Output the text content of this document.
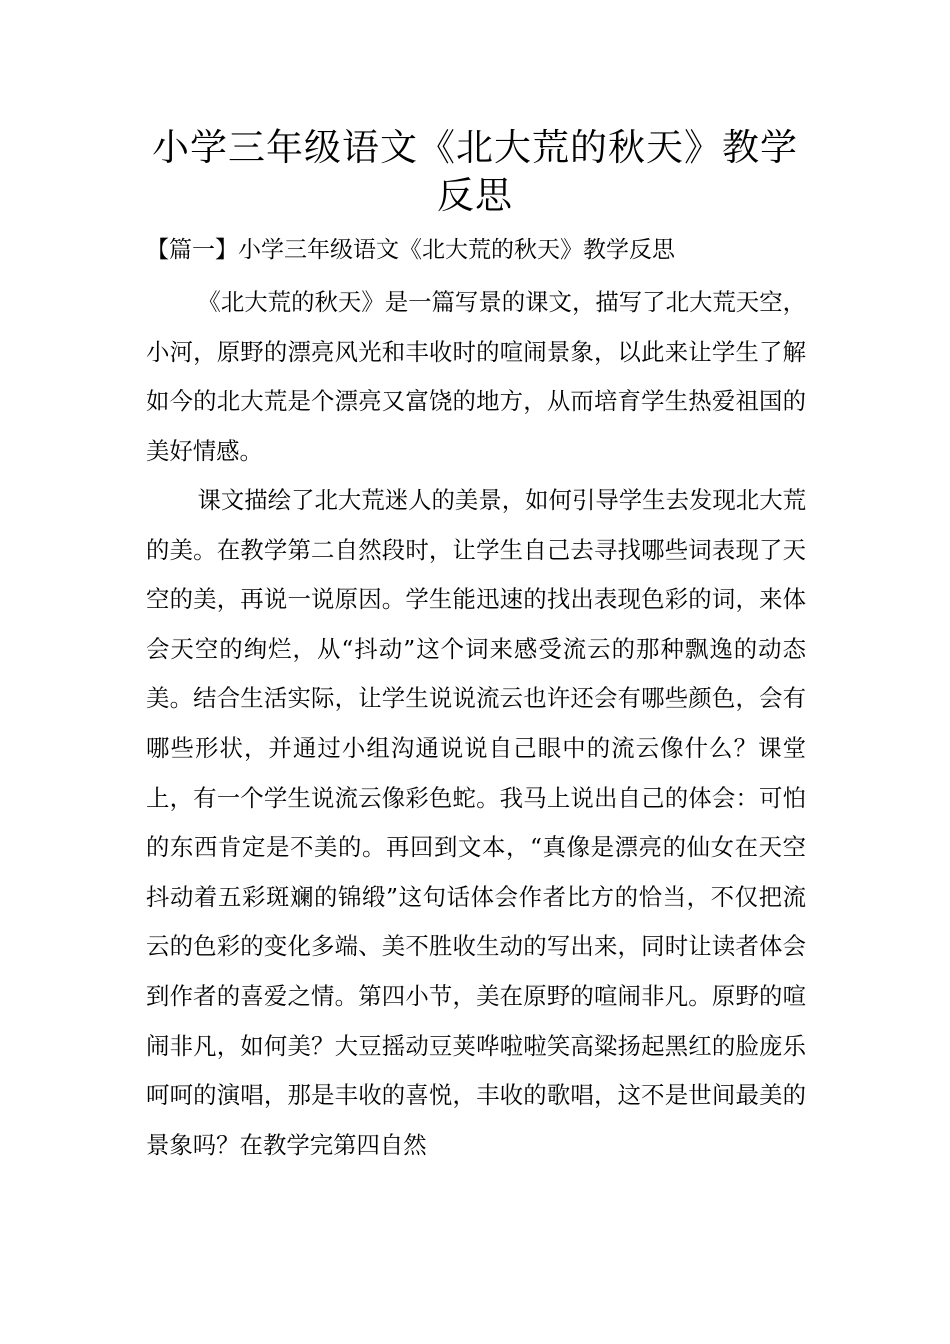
小学三年级语文《北大荒的秋天》教学反思
【篇一】小学三年级语文《北大荒的秋天》教学反思

《北大荒的秋天》是一篇写景的课文，描写了北大荒天空，小河，原野的漂亮风光和丰收时的喧闹景象，以此来让学生了解如今的北大荒是个漂亮又富饶的地方，从而培育学生热爱祖国的美好情感。

课文描绘了北大荒迷人的美景，如何引导学生去发现北大荒的美。在教学第二自然段时，让学生自己去寻找哪些词表现了天空的美，再说一说原因。学生能迅速的找出表现色彩的词，来体会天空的绚烂，从“抖动”这个词来感受流云的那种飘逸的动态美。结合生活实际，让学生说说流云也许还会有哪些颜色，会有哪些形状，并通过小组沟通说说自己眼中的流云像什么？课堂上，有一个学生说流云像彩色蛇。我马上说出自己的体会：可怕的东西肯定是不美的。再回到文本，“真像是漂亮的仙女在天空抖动着五彩斑斓的锦缎”这句话体会作者比方的恰当，不仅把流云的色彩的变化多端、美不胜收生动的写出来，同时让读者体会到作者的喜爱之情。第四小节，美在原野的喧闹非凡。原野的喧闹非凡，如何美？大豆摇动豆荚哗啦啦笑高粱扬起黑红的脸庞乐呵呵的演唱，那是丰收的喜悦，丰收的歌唱，这不是世间最美的景象吗？在教学完第四自然
